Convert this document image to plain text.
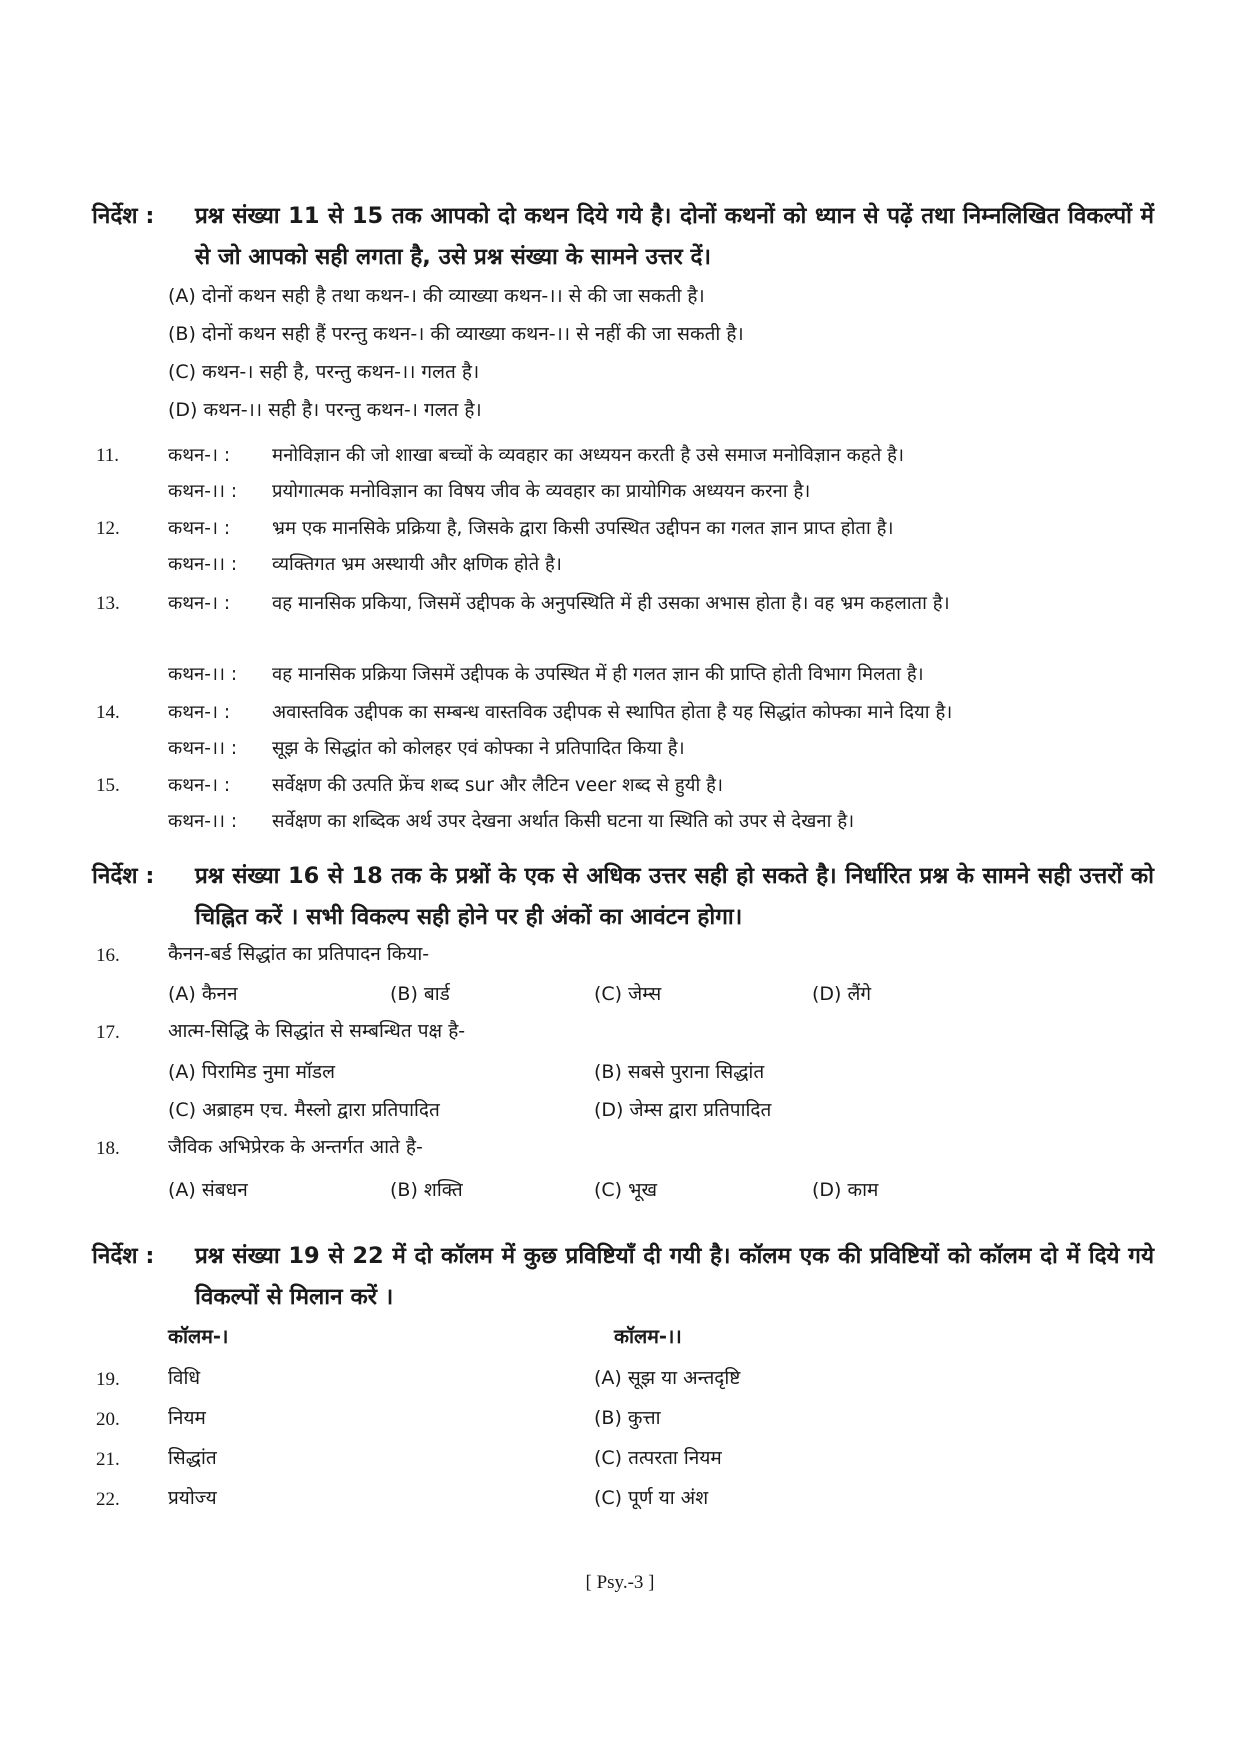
निर्देश : प्रश्न संख्या 11 से 15 तक आपको दो कथन दिये गये है। दोनों कथनों को ध्यान से पढ़ें तथा निम्नलिखित विकल्पों में से जो आपको सही लगता है, उसे प्रश्न संख्या के सामने उत्तर दें।
(A) दोनों कथन सही है तथा कथन-। की व्याख्या कथन-।। से की जा सकती है।
(B) दोनों कथन सही हैं परन्तु कथन-। की व्याख्या कथन-।। से नहीं की जा सकती है।
(C) कथन-। सही है, परन्तु कथन-।। गलत है।
(D) कथन-।। सही है। परन्तु कथन-। गलत है।
11.	कथन-। : मनोविज्ञान की जो शाखा बच्चों के व्यवहार का अध्ययन करती है उसे समाज मनोविज्ञान कहते है।
कथन-।। : प्रयोगात्मक मनोविज्ञान का विषय जीव के व्यवहार का प्रायोगिक अध्ययन करना है।
12.	कथन-। : भ्रम एक मानसिके प्रक्रिया है, जिसके द्वारा किसी उपस्थित उद्दीपन का गलत ज्ञान प्राप्त होता है।
कथन-।। : व्यक्तिगत भ्रम अस्थायी और क्षणिक होते है।
13.	कथन-। : वह मानसिक प्रकिया, जिसमें उद्दीपक के अनुपस्थिति में ही उसका अभास होता है। वह भ्रम कहलाता है।
कथन-।। : वह मानसिक प्रक्रिया जिसमें उद्दीपक के उपस्थित में ही गलत ज्ञान की प्राप्ति होती विभाग मिलता है।
14.	कथन-। : अवास्तविक उद्दीपक का सम्बन्ध वास्तविक उद्दीपक से स्थापित होता है यह सिद्धांत कोफ्का माने दिया है।
कथन-।। : सूझ के सिद्धांत को कोलहर एवं कोफ्का ने प्रतिपादित किया है।
15.	कथन-। : सर्वेक्षण की उत्पति फ्रेंच शब्द sur और लैटिन veer शब्द से हुयी है।
कथन-।। : सर्वेक्षण का शब्दिक अर्थ उपर देखना अर्थात किसी घटना या स्थिति को उपर से देखना है।
निर्देश : प्रश्न संख्या 16 से 18 तक के प्रश्नों के एक से अधिक उत्तर सही हो सकते है। निर्धारित प्रश्न के सामने सही उत्तरों को चिह्नित करें । सभी विकल्प सही होने पर ही अंकों का आवंटन होगा।
16.	कैनन-बर्ड सिद्धांत का प्रतिपादन किया-
(A) कैनन	(B) बार्ड	(C) जेम्स	(D) लैंगे
17.	आत्म-सिद्धि के सिद्धांत से सम्बन्धित पक्ष है-
(A) पिरामिड नुमा मॉडल	(B) सबसे पुराना सिद्धांत
(C) अब्राहम एच. मैस्लो द्वारा प्रतिपादित	(D) जेम्स द्वारा प्रतिपादित
18.	जैविक अभिप्रेरक के अन्तर्गत आते है-
(A) संबधन	(B) शक्ति	(C) भूख	(D) काम
निर्देश : प्रश्न संख्या 19 से 22 में दो कॉलम में कुछ प्रविष्टियाँ दी गयी है। कॉलम एक की प्रविष्टियों को कॉलम दो में दिये गये विकल्पों से मिलान करें ।
कॉलम-।	कॉलम-।।
19.	विधि	(A) सूझ या अन्तदृष्टि
20.	नियम	(B) कुत्ता
21.	सिद्धांत	(C) तत्परता नियम
22.	प्रयोज्य	(C) पूर्ण या अंश
[ Psy.-3 ]
